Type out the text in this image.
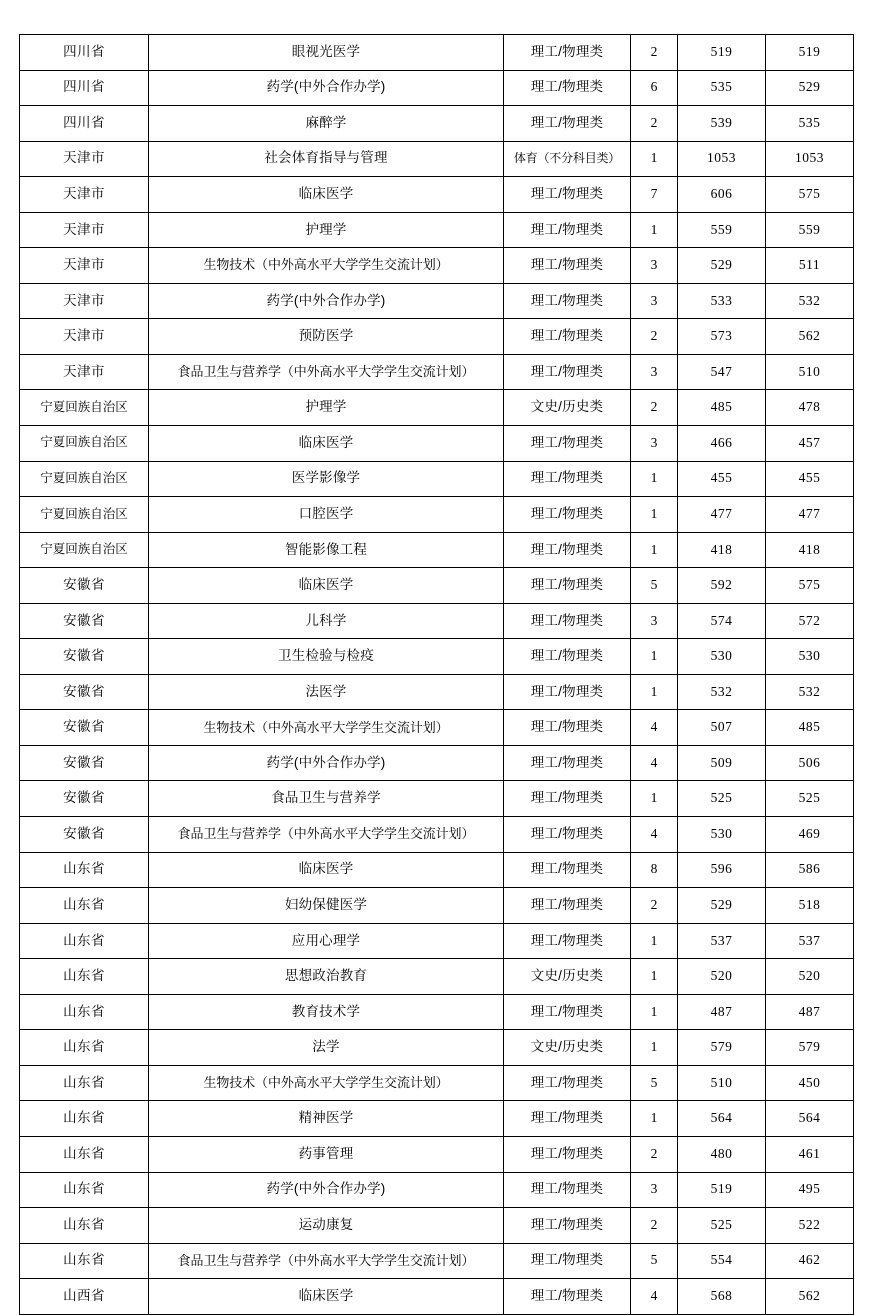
四川省	眼视光医学	理工/物理类	2	519	519
四川省	药学(中外合作办学)	理工/物理类	6	535	529
四川省	麻醉学	理工/物理类	2	539	535
天津市	社会体育指导与管理	体育（不分科目类）	1	1053	1053
天津市	临床医学	理工/物理类	7	606	575
天津市	护理学	理工/物理类	1	559	559
天津市	生物技术（中外高水平大学学生交流计划）	理工/物理类	3	529	511
天津市	药学(中外合作办学)	理工/物理类	3	533	532
天津市	预防医学	理工/物理类	2	573	562
天津市	食品卫生与营养学（中外高水平大学学生交流计划）	理工/物理类	3	547	510
宁夏回族自治区	护理学	文史/历史类	2	485	478
宁夏回族自治区	临床医学	理工/物理类	3	466	457
宁夏回族自治区	医学影像学	理工/物理类	1	455	455
宁夏回族自治区	口腔医学	理工/物理类	1	477	477
宁夏回族自治区	智能影像工程	理工/物理类	1	418	418
安徽省	临床医学	理工/物理类	5	592	575
安徽省	儿科学	理工/物理类	3	574	572
安徽省	卫生检验与检疫	理工/物理类	1	530	530
安徽省	法医学	理工/物理类	1	532	532
安徽省	生物技术（中外高水平大学学生交流计划）	理工/物理类	4	507	485
安徽省	药学(中外合作办学)	理工/物理类	4	509	506
安徽省	食品卫生与营养学	理工/物理类	1	525	525
安徽省	食品卫生与营养学（中外高水平大学学生交流计划）	理工/物理类	4	530	469
山东省	临床医学	理工/物理类	8	596	586
山东省	妇幼保健医学	理工/物理类	2	529	518
山东省	应用心理学	理工/物理类	1	537	537
山东省	思想政治教育	文史/历史类	1	520	520
山东省	教育技术学	理工/物理类	1	487	487
山东省	法学	文史/历史类	1	579	579
山东省	生物技术（中外高水平大学学生交流计划）	理工/物理类	5	510	450
山东省	精神医学	理工/物理类	1	564	564
山东省	药事管理	理工/物理类	2	480	461
山东省	药学(中外合作办学)	理工/物理类	3	519	495
山东省	运动康复	理工/物理类	2	525	522
山东省	食品卫生与营养学（中外高水平大学学生交流计划）	理工/物理类	5	554	462
山西省	临床医学	理工/物理类	4	568	562
